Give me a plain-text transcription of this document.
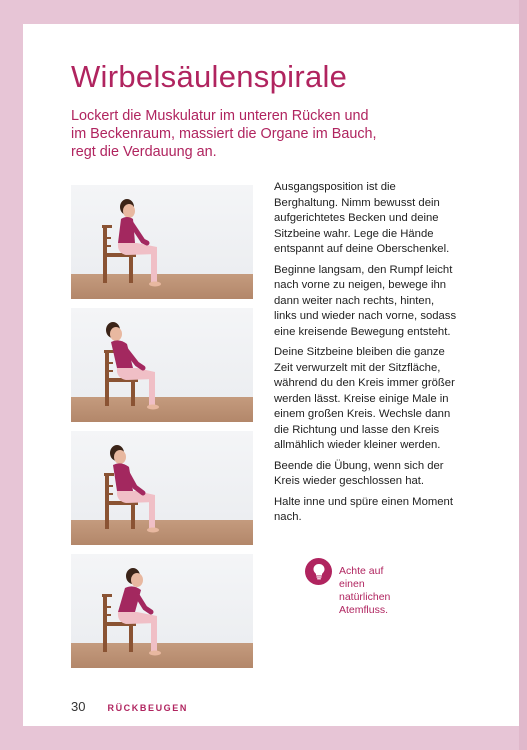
Wirbelsäulenspirale

Lockert die Muskulatur im unteren Rücken und im Beckenraum, massiert die Organe im Bauch, regt die Verdauung an.

Ausgangsposition ist die Berghaltung. Nimm bewusst dein aufgerichtetes Becken und deine Sitzbeine wahr. Lege die Hände entspannt auf deine Oberschenkel.

Beginne langsam, den Rumpf leicht nach vorne zu neigen, bewege ihn dann weiter nach rechts, hinten, links und wieder nach vorne, sodass eine kreisende Bewegung entsteht.

Deine Sitzbeine bleiben die ganze Zeit verwurzelt mit der Sitzfläche, während du den Kreis immer größer werden lässt. Kreise einige Male in einem großen Kreis. Wechsle dann die Richtung und lasse den Kreis allmählich wieder kleiner werden.

Beende die Übung, wenn sich der Kreis wieder geschlossen hat.

Halte inne und spüre einen Moment nach.

Achte auf einen natürlichen Atemfluss.
30 RÜCKBEUGEN
